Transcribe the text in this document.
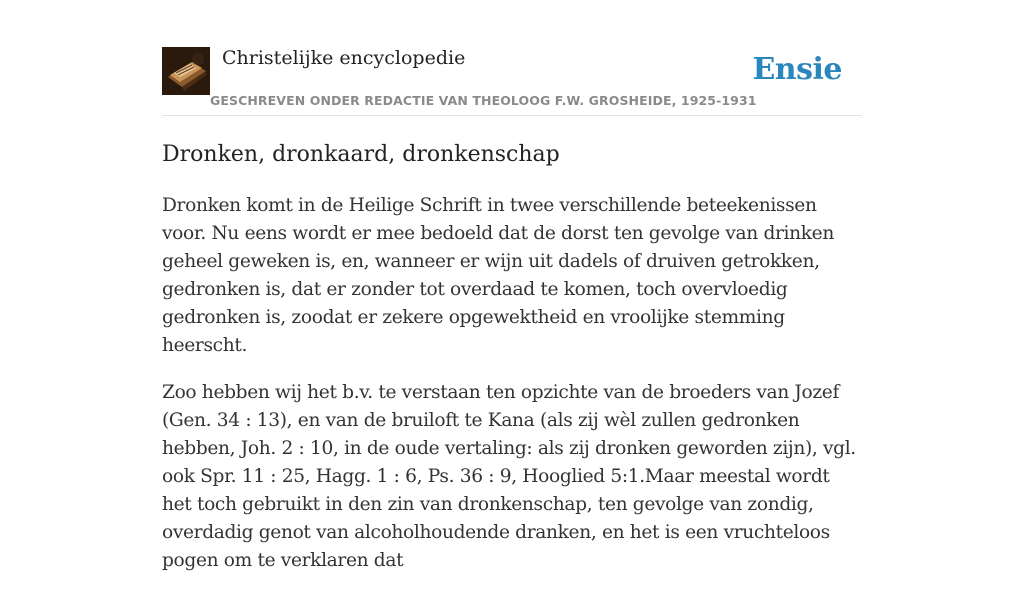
Christelijke encyclopedie
GESCHREVEN ONDER REDACTIE VAN THEOLOOG F.W. GROSHEIDE, 1925-1931
Ensie
Dronken, dronkaard, dronkenschap

Dronken komt in de Heilige Schrift in twee verschillende beteekenissen voor. Nu eens wordt er mee bedoeld dat de dorst ten gevolge van drinken geheel geweken is, en, wanneer er wijn uit dadels of druiven getrokken, gedronken is, dat er zonder tot overdaad te komen, toch overvloedig gedronken is, zoodat er zekere opgewektheid en vroolijke stemming heerscht.

Zoo hebben wij het b.v. te verstaan ten opzichte van de broeders van Jozef (Gen. 34 : 13), en van de bruiloft te Kana (als zij wèl zullen gedronken hebben, Joh. 2 : 10, in de oude vertaling: als zij dronken geworden zijn), vgl. ook Spr. 11 : 25, Hagg. 1 : 6, Ps. 36 : 9, Hooglied 5:1.Maar meestal wordt het toch gebruikt in den zin van dronkenschap, ten gevolge van zondig, overdadig genot van alcoholhoudende dranken, en het is een vruchteloos pogen om te verklaren dat
